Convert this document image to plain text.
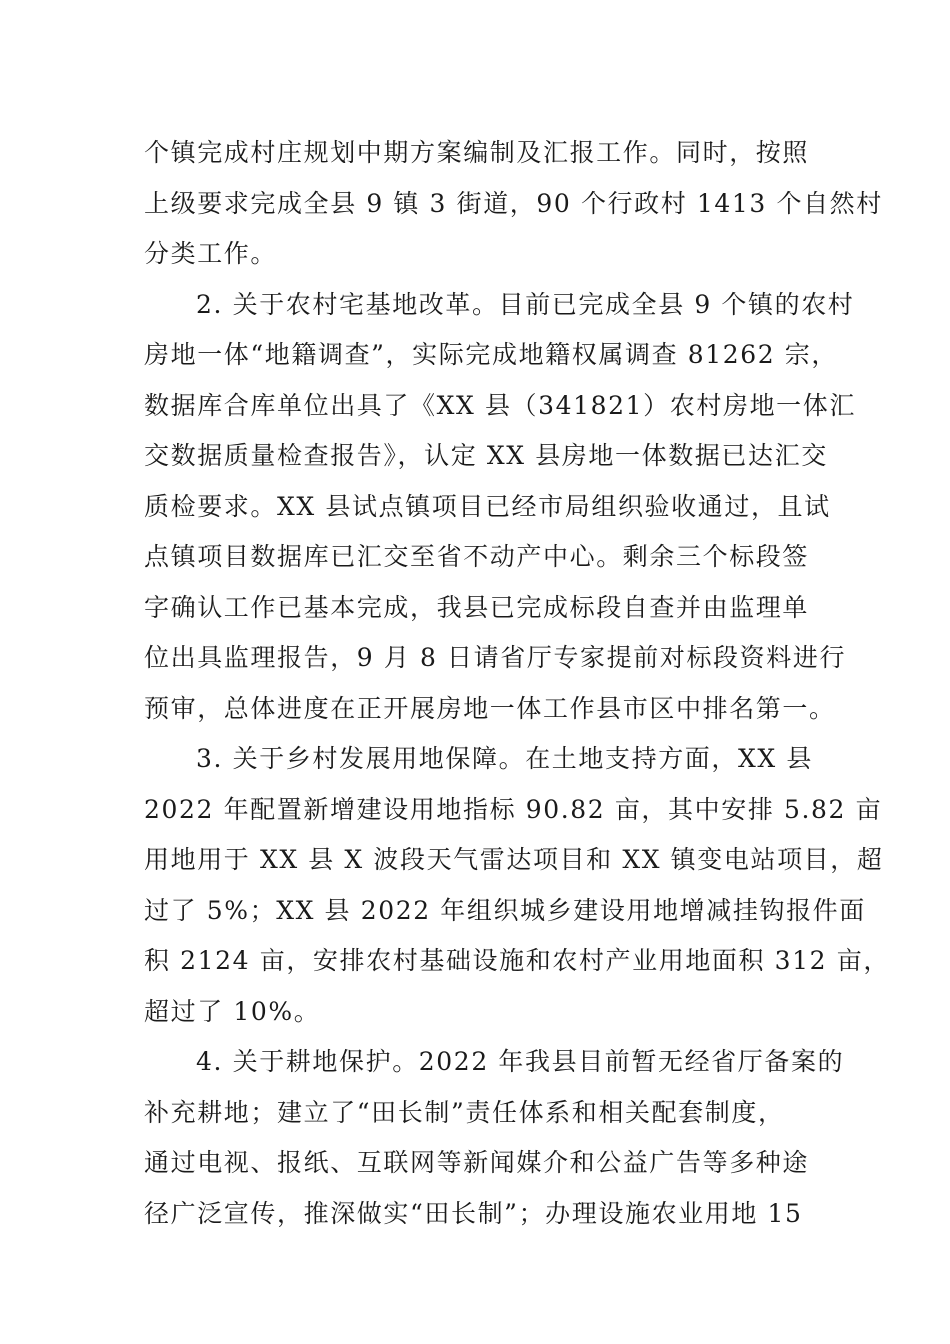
个镇完成村庄规划中期方案编制及汇报工作。同时，按照
上级要求完成全县 9 镇 3 街道，90 个行政村 1413 个自然村
分类工作。
2. 关于农村宅基地改革。目前已完成全县 9 个镇的农村
房地一体“地籍调查”，实际完成地籍权属调查 81262 宗，
数据库合库单位出具了《XX 县（341821）农村房地一体汇
交数据质量检查报告》，认定 XX 县房地一体数据已达汇交
质检要求。XX 县试点镇项目已经市局组织验收通过，且试
点镇项目数据库已汇交至省不动产中心。剩余三个标段签
字确认工作已基本完成，我县已完成标段自查并由监理单
位出具监理报告，9 月 8 日请省厅专家提前对标段资料进行
预审，总体进度在正开展房地一体工作县市区中排名第一。
3. 关于乡村发展用地保障。在土地支持方面，XX 县
2022 年配置新增建设用地指标 90.82 亩，其中安排 5.82 亩
用地用于 XX 县 X 波段天气雷达项目和 XX 镇变电站项目，超
过了 5%；XX 县 2022 年组织城乡建设用地增减挂钩报件面
积 2124 亩，安排农村基础设施和农村产业用地面积 312 亩，
超过了 10%。
4. 关于耕地保护。2022 年我县目前暂无经省厅备案的
补充耕地；建立了“田长制”责任体系和相关配套制度，
通过电视、报纸、互联网等新闻媒介和公益广告等多种途
径广泛宣传，推深做实“田长制”；办理设施农业用地 15
